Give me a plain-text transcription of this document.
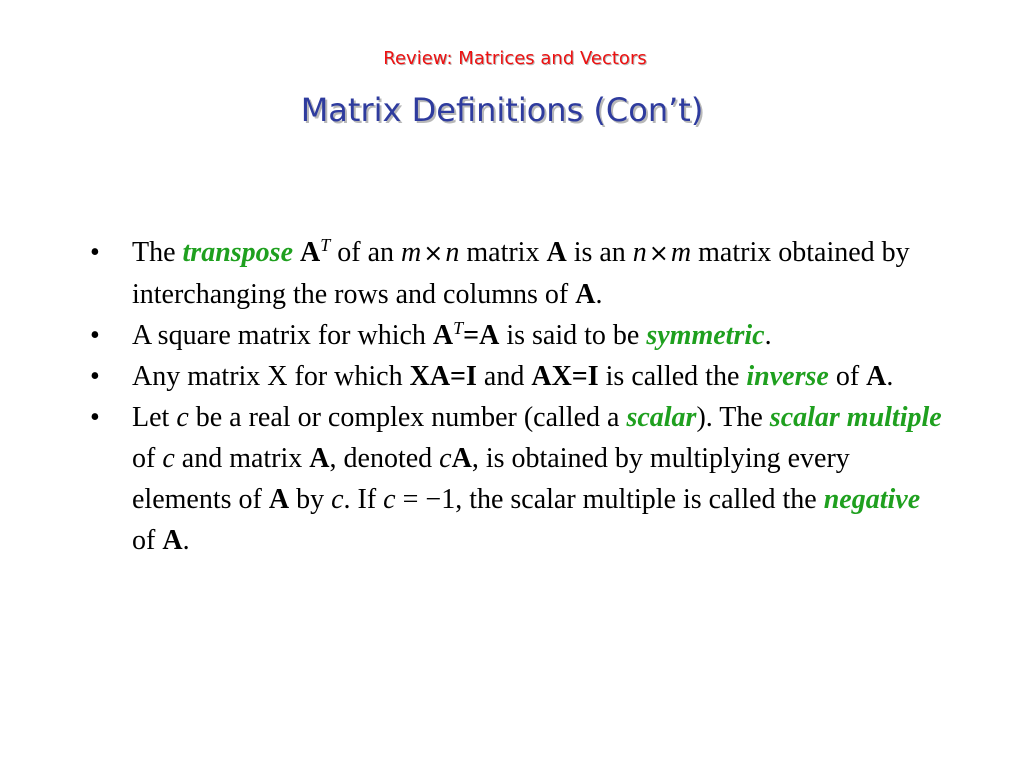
Review: Matrices and Vectors
Matrix Definitions (Con’t)
• The transpose $A^T$ of an m×n matrix A is an n×m matrix obtained by interchanging the rows and columns of A.
• A square matrix for which $A^T=A$ is said to be symmetric.
• Any matrix X for which XA=I and AX=I is called the inverse of A.
• Let c be a real or complex number (called a scalar). The scalar multiple of c and matrix A, denoted cA, is obtained by multiplying every elements of A by c. If c = −1, the scalar multiple is called the negative of A.
